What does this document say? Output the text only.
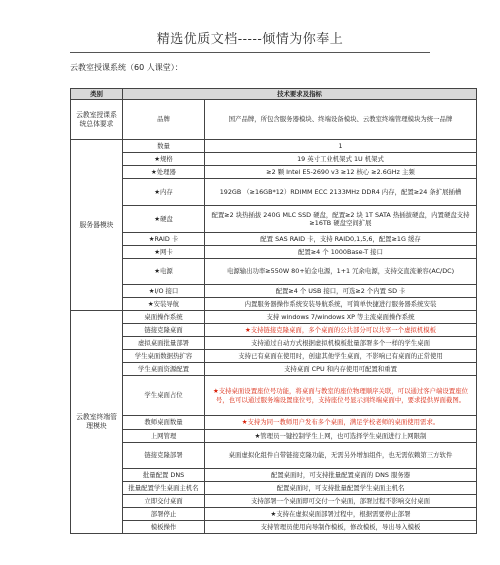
精选优质文档-----倾情为你奉上
云教室授课系统（60 人课堂）：
类别	技术要求及指标	
云教室授课系统总体要求	品牌	国产品牌，所包含服务器模块、终端设备模块、云教室终端管理模块为统一品牌
服务器模块	数量	1
	★规格	19 英寸工业机架式 1U 机架式
	★处理器	≥2 颗 Intel E5-2690 v3 ≥12 核心 ≥2.6GHz 主频
	★内存	192GB （≥16GB*12）RDIMM ECC 2133MHz DDR4 内存，配置≥24 条扩展插槽
	★硬盘	配置≥2 块热插拔 240G MLC SSD 硬盘，配置≥2 块 1T SATA 热插拔硬盘，内置硬盘支持≥16TB 硬盘空间扩展
	★RAID 卡	配置 SAS RAID 卡，支持 RAID0,1,5,6，配置≥1G 缓存
	★网卡	配置≥4 个 1000Base-T 接口
	★电源	电源输出功率≥550W 80+铂金电源，1+1 冗余电源，支持交直流兼容(AC/DC)
	★I/O 接口	配置≥4 个 USB 接口，可选≥2 个内置 SD 卡
	★安装导航	内置服务器操作系统安装导航系统，可简单快捷进行服务器系统安装
云教室终端管理模块	桌面操作系统	支持 windows 7/windows XP 等主流桌面操作系统
	链接克隆桌面	★支持链接克隆桌面，多个桌面的公共部分可以共享一个虚拟机模板
	虚拟桌面批量部署	支持通过自动方式根据虚拟机模板批量部署多个一样的学生桌面
	学生桌面数据热扩容	支持已有桌面在使用时，创建其他学生桌面，不影响已有桌面的正常使用
	学生桌面资源配置	支持桌面 CPU 和内存使用可配置和重置
	学生桌面占位	★支持桌面设置座位号功能，将桌面与教室的座位物理顺序关联，可以通过客户端设置座位号，也可以通过服务端设置座位号，支持座位号显示到终端桌面中，要求提供界面截图。
	教师桌面数量	★支持为同一教师用户发布多个桌面，满足学校老师的桌面使用需求。
	上网管理	★管理员一键控制学生上网，也可选择学生桌面进行上网限制
	链接克隆部署	桌面虚拟化组件自带链接克隆功能，无需另外增加组件，也无需依赖第三方软件
	批量配置 DNS	配置桌面时，可支持批量配置桌面的 DNS 服务器
	批量配置学生桌面主机名	配置桌面时，可支持批量配置学生桌面主机名
	立即交付桌面	支持部署一个桌面即可交付一个桌面，部署过程不影响交付桌面
	部署停止	★支持在虚拟桌面部署过程中，根据需要停止部署
	模板操作	支持管理员使用向导制作模板，修改模板，导出导入模板
